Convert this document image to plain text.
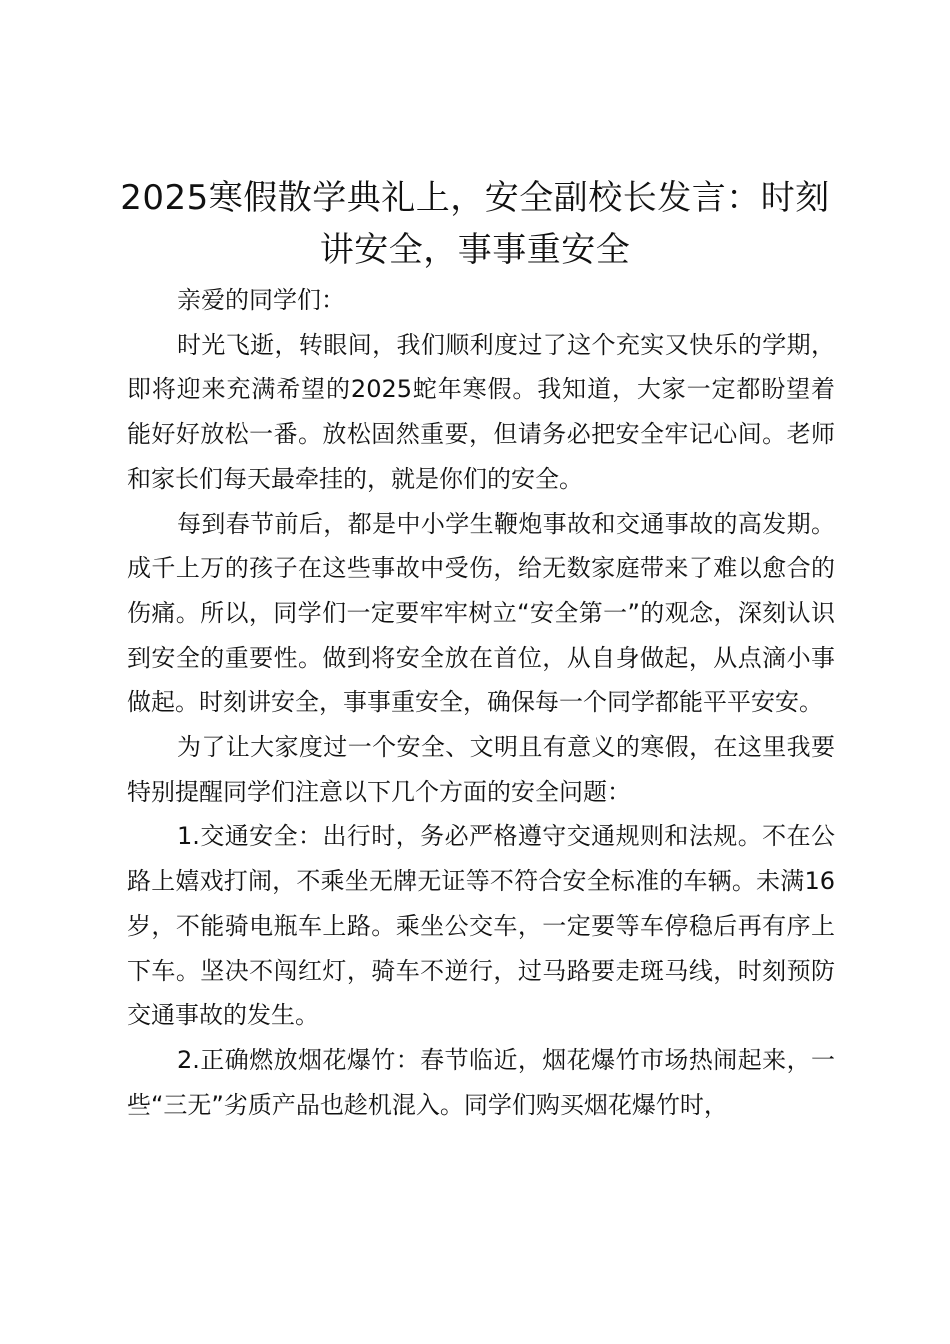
2025寒假散学典礼上，安全副校长发言：时刻讲安全，事事重安全

亲爱的同学们：

时光飞逝，转眼间，我们顺利度过了这个充实又快乐的学期，即将迎来充满希望的2025蛇年寒假。我知道，大家一定都盼望着能好好放松一番。放松固然重要，但请务必把安全牢记心间。老师和家长们每天最牵挂的，就是你们的安全。

每到春节前后，都是中小学生鞭炮事故和交通事故的高发期。成千上万的孩子在这些事故中受伤，给无数家庭带来了难以愈合的伤痛。所以，同学们一定要牢牢树立“安全第一”的观念，深刻认识到安全的重要性。做到将安全放在首位，从自身做起，从点滴小事做起。时刻讲安全，事事重安全，确保每一个同学都能平平安安。

为了让大家度过一个安全、文明且有意义的寒假，在这里我要特别提醒同学们注意以下几个方面的安全问题：

1.交通安全：出行时，务必严格遵守交通规则和法规。不在公路上嬉戏打闹，不乘坐无牌无证等不符合安全标准的车辆。未满16岁，不能骑电瓶车上路。乘坐公交车，一定要等车停稳后再有序上下车。坚决不闯红灯，骑车不逆行，过马路要走斑马线，时刻预防交通事故的发生。

2.正确燃放烟花爆竹：春节临近，烟花爆竹市场热闹起来，一些“三无”劣质产品也趁机混入。同学们购买烟花爆竹时，
